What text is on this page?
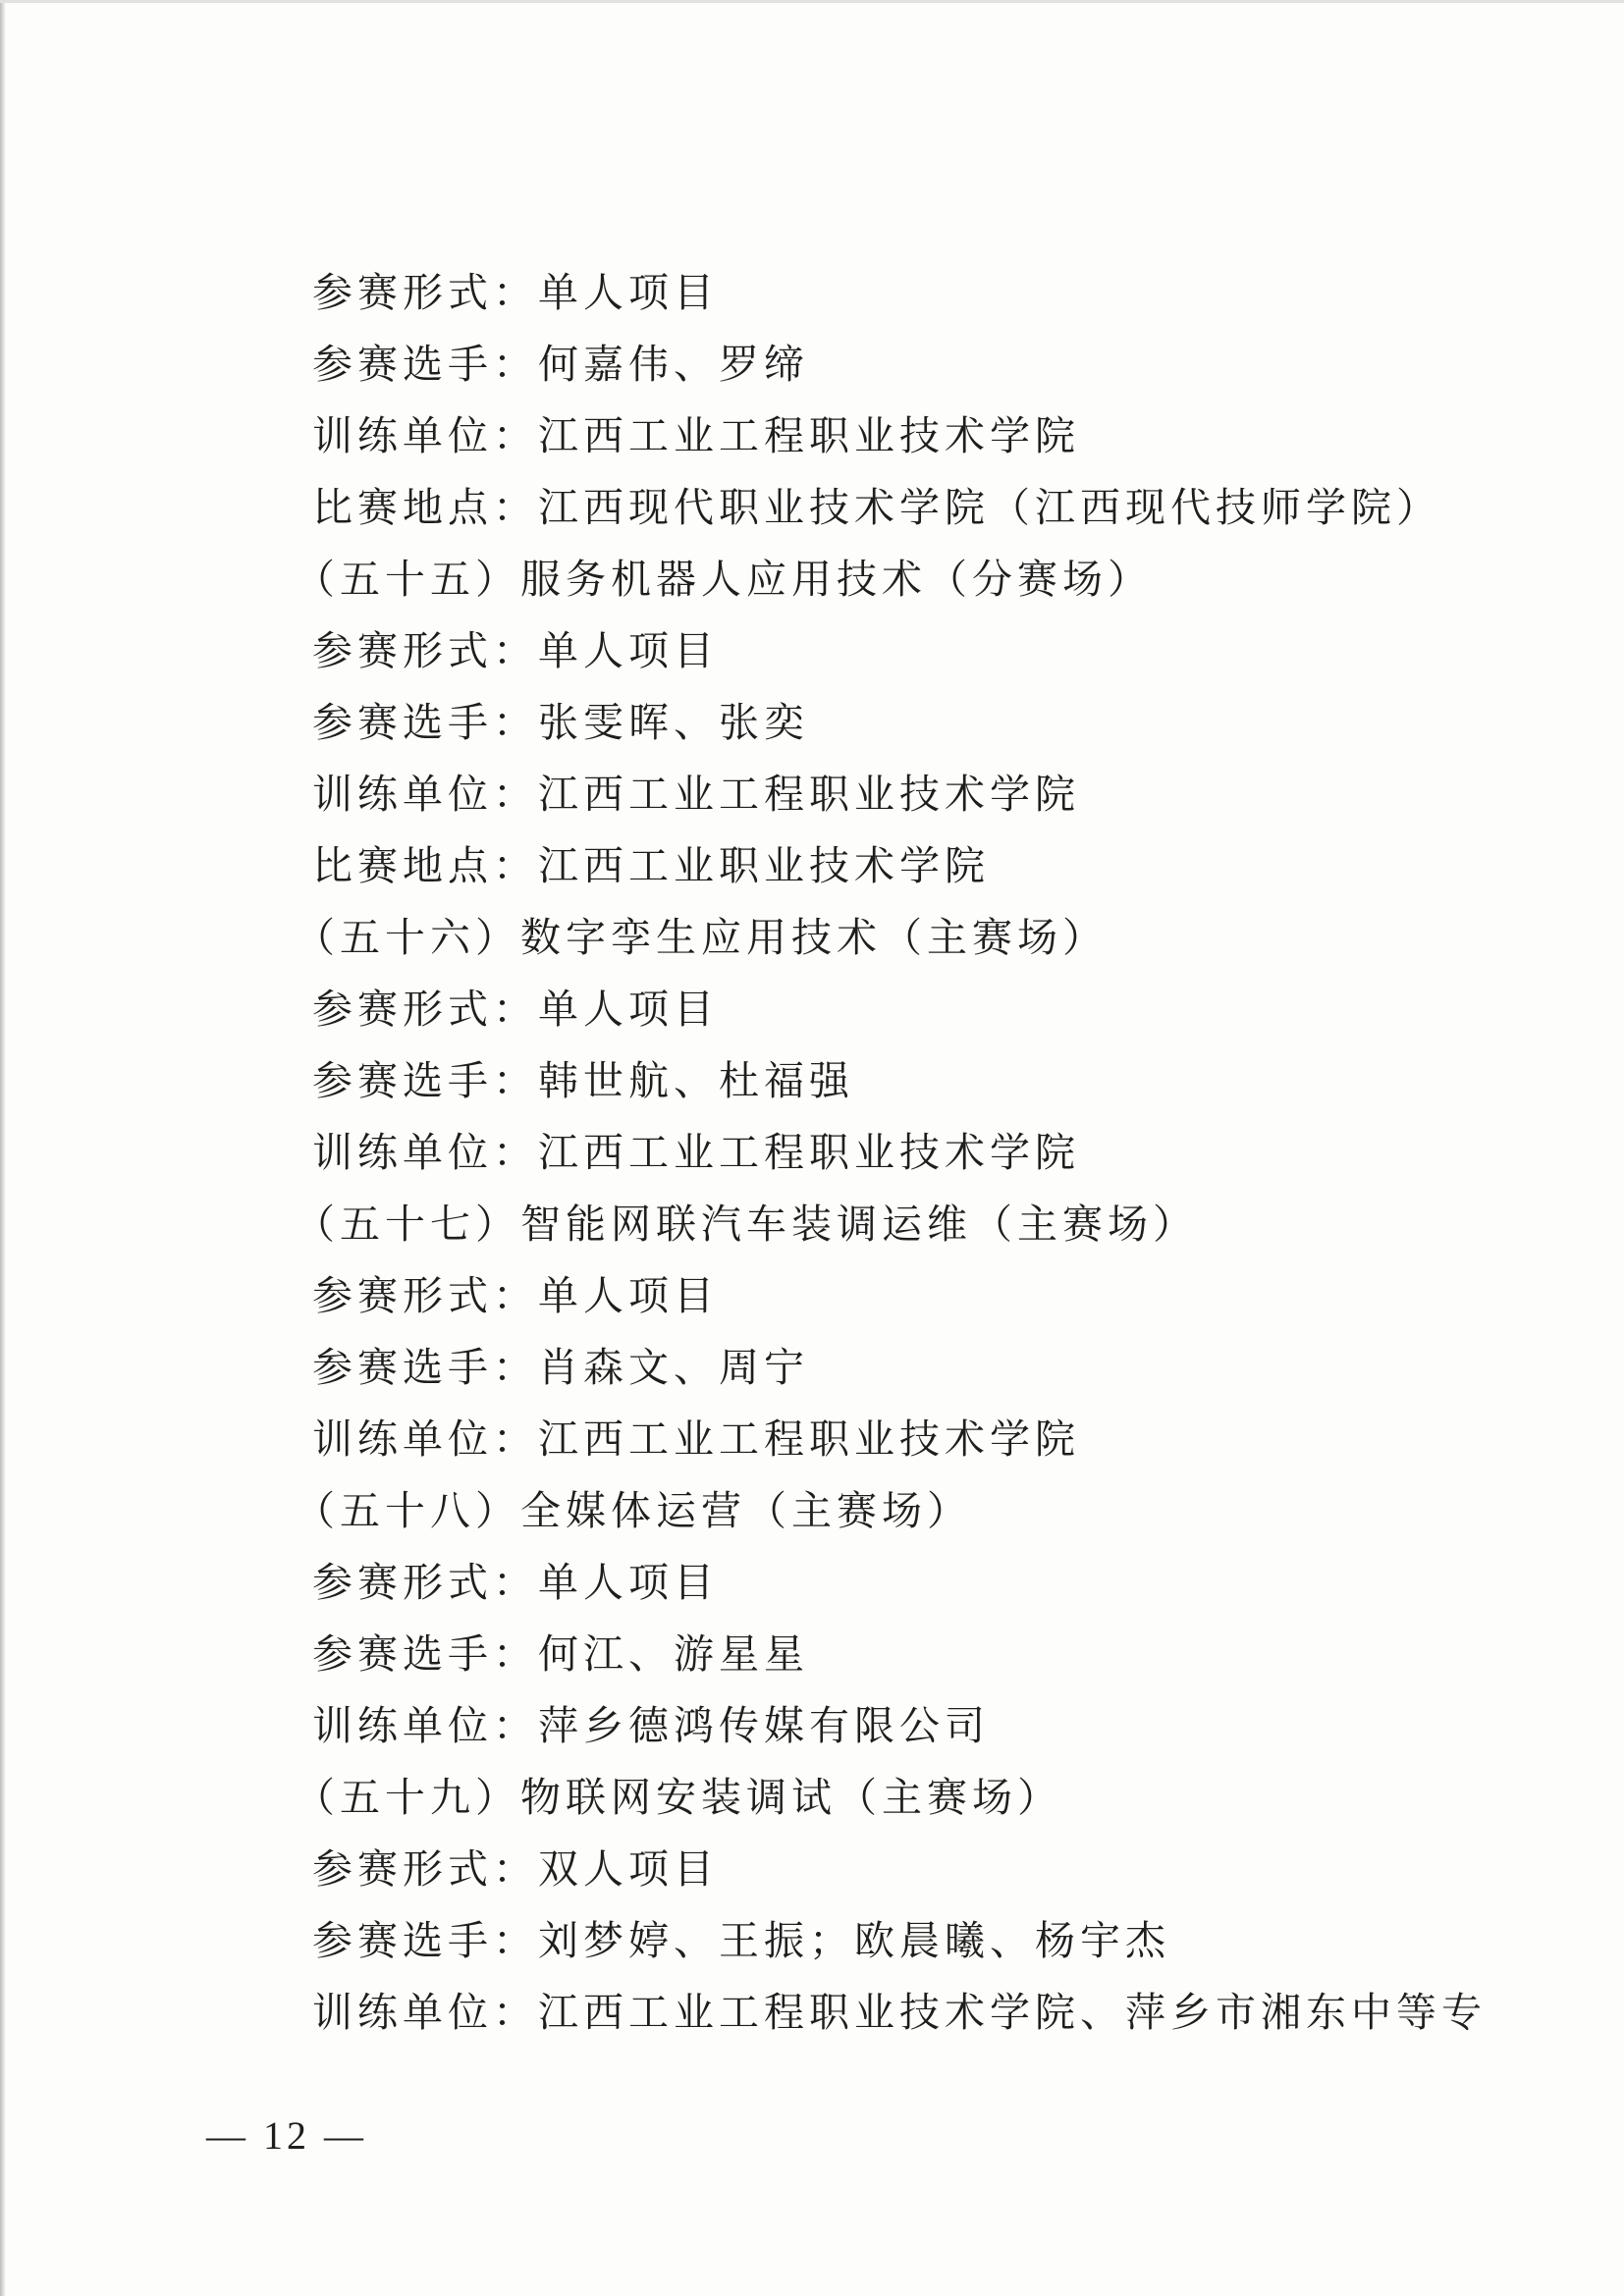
参赛形式：单人项目
参赛选手：何嘉伟、罗缔
训练单位：江西工业工程职业技术学院
比赛地点：江西现代职业技术学院（江西现代技师学院）
（五十五）服务机器人应用技术（分赛场）
参赛形式：单人项目
参赛选手：张雯晖、张奕
训练单位：江西工业工程职业技术学院
比赛地点：江西工业职业技术学院
（五十六）数字孪生应用技术（主赛场）
参赛形式：单人项目
参赛选手：韩世航、杜福强
训练单位：江西工业工程职业技术学院
（五十七）智能网联汽车装调运维（主赛场）
参赛形式：单人项目
参赛选手：肖森文、周宁
训练单位：江西工业工程职业技术学院
（五十八）全媒体运营（主赛场）
参赛形式：单人项目
参赛选手：何江、游星星
训练单位：萍乡德鸿传媒有限公司
（五十九）物联网安装调试（主赛场）
参赛形式：双人项目
参赛选手：刘梦婷、王振；欧晨曦、杨宇杰
训练单位：江西工业工程职业技术学院、萍乡市湘东中等专
— 12 —
